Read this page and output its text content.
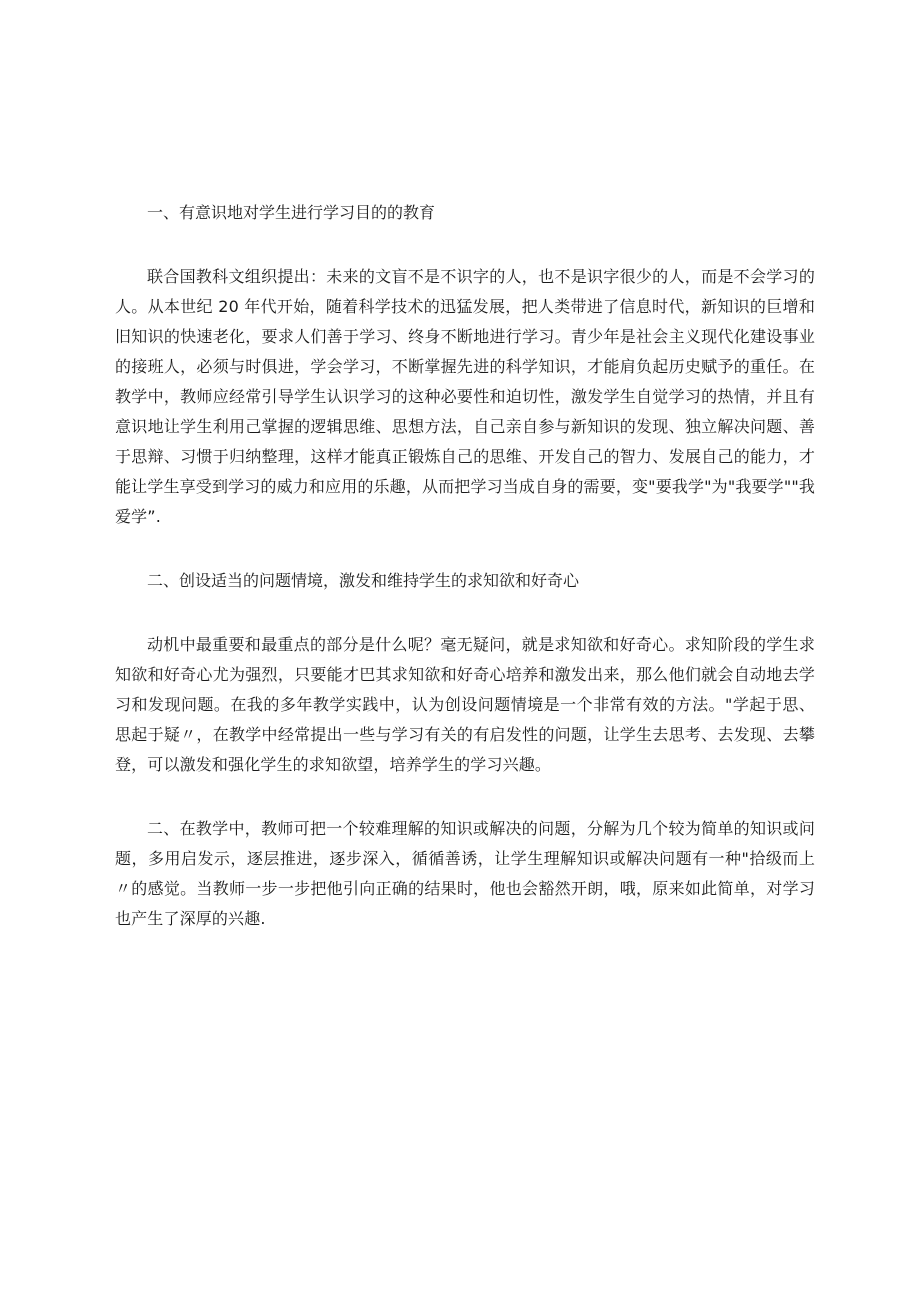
一、有意识地对学生进行学习目的的教育

联合国教科文组织提出：未来的文盲不是不识字的人，也不是识字很少的人，而是不会学习的人。从本世纪 20 年代开始，随着科学技术的迅猛发展，把人类带进了信息时代，新知识的巨增和旧知识的快速老化，要求人们善于学习、终身不断地进行学习。青少年是社会主义现代化建设事业的接班人，必须与时俱进，学会学习，不断掌握先进的科学知识，才能肩负起历史赋予的重任。在教学中，教师应经常引导学生认识学习的这种必要性和迫切性，激发学生自觉学习的热情，并且有意识地让学生利用己掌握的逻辑思维、思想方法，自己亲自参与新知识的发现、独立解决问题、善于思辩、习惯于归纳整理，这样才能真正锻炼自己的思维、开发自己的智力、发展自己的能力，才能让学生享受到学习的威力和应用的乐趣，从而把学习当成自身的需要，变"要我学"为"我要学""我爱学”.

二、创设适当的问题情境，激发和维持学生的求知欲和好奇心

动机中最重要和最重点的部分是什么呢？毫无疑问，就是求知欲和好奇心。求知阶段的学生求知欲和好奇心尤为强烈，只要能才巴其求知欲和好奇心培养和激发出来，那么他们就会自动地去学习和发现问题。在我的多年教学实践中，认为创设问题情境是一个非常有效的方法。"学起于思、思起于疑〃，在教学中经常提出一些与学习有关的有启发性的问题，让学生去思考、去发现、去攀登，可以激发和强化学生的求知欲望，培养学生的学习兴趣。

二、在教学中，教师可把一个较难理解的知识或解决的问题，分解为几个较为简单的知识或问题，多用启发示，逐层推进，逐步深入，循循善诱，让学生理解知识或解决问题有一种"拾级而上〃的感觉。当教师一步一步把他引向正确的结果时，他也会豁然开朗，哦，原来如此简单，对学习也产生了深厚的兴趣.
